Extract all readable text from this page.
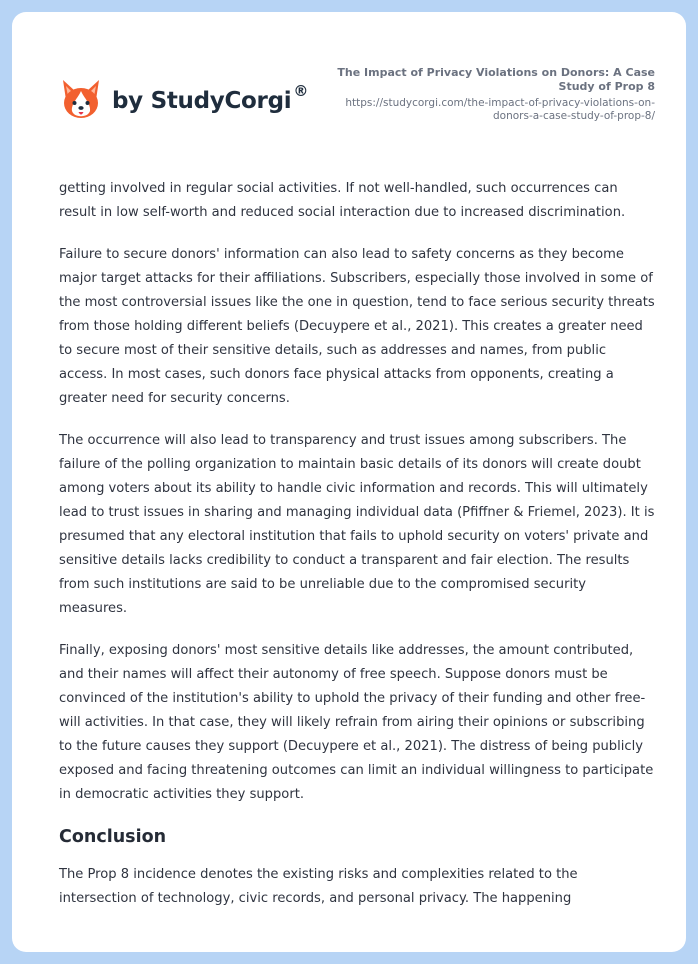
by StudyCorgi ®
The Impact of Privacy Violations on Donors: A Case Study of Prop 8
https://studycorgi.com/the-impact-of-privacy-violations-on-donors-a-case-study-of-prop-8/

getting involved in regular social activities. If not well-handled, such occurrences can result in low self-worth and reduced social interaction due to increased discrimination.

Failure to secure donors' information can also lead to safety concerns as they become major target attacks for their affiliations. Subscribers, especially those involved in some of the most controversial issues like the one in question, tend to face serious security threats from those holding different beliefs (Decuypere et al., 2021). This creates a greater need to secure most of their sensitive details, such as addresses and names, from public access. In most cases, such donors face physical attacks from opponents, creating a greater need for security concerns.

The occurrence will also lead to transparency and trust issues among subscribers. The failure of the polling organization to maintain basic details of its donors will create doubt among voters about its ability to handle civic information and records. This will ultimately lead to trust issues in sharing and managing individual data (Pfiffner & Friemel, 2023). It is presumed that any electoral institution that fails to uphold security on voters' private and sensitive details lacks credibility to conduct a transparent and fair election. The results from such institutions are said to be unreliable due to the compromised security measures.

Finally, exposing donors' most sensitive details like addresses, the amount contributed, and their names will affect their autonomy of free speech. Suppose donors must be convinced of the institution's ability to uphold the privacy of their funding and other free-will activities. In that case, they will likely refrain from airing their opinions or subscribing to the future causes they support (Decuypere et al., 2021). The distress of being publicly exposed and facing threatening outcomes can limit an individual willingness to participate in democratic activities they support.

Conclusion

The Prop 8 incidence denotes the existing risks and complexities related to the intersection of technology, civic records, and personal privacy. The happening
